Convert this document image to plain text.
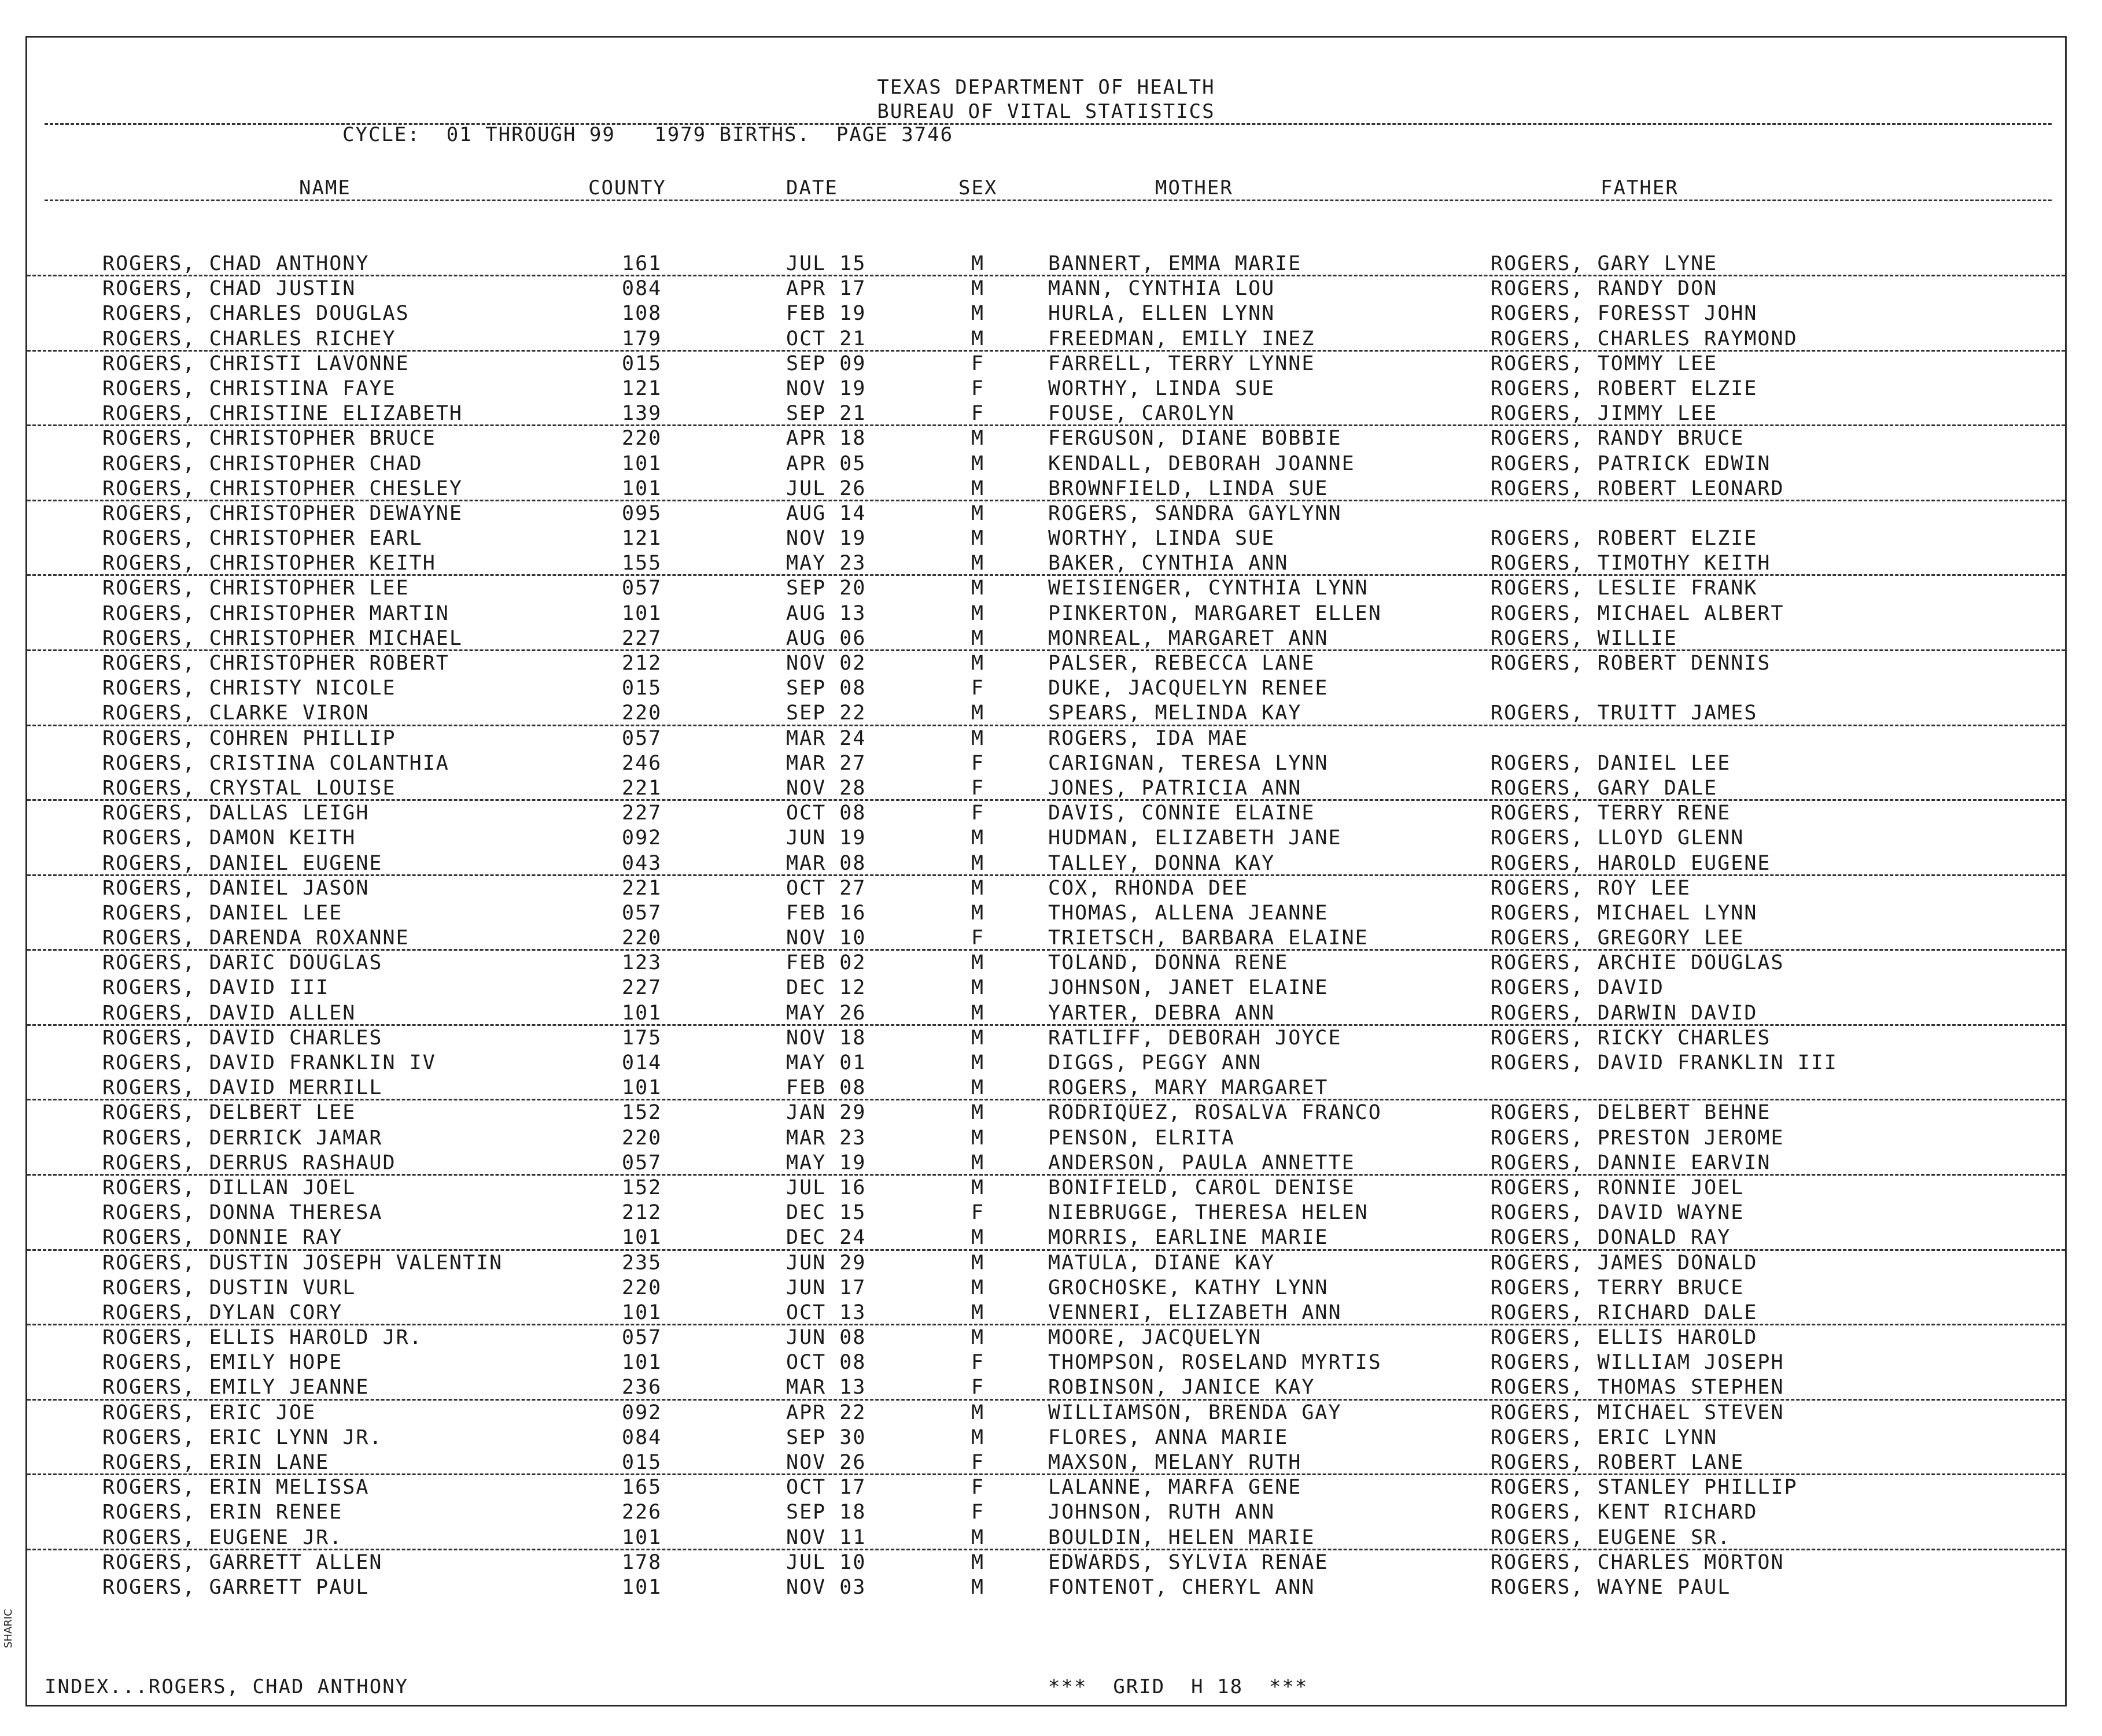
TEXAS DEPARTMENT OF HEALTH
BUREAU OF VITAL STATISTICS
CYCLE:  01 THROUGH 99   1979 BIRTHS.  PAGE 3746
NAME	COUNTY	DATE	SEX	MOTHER	FATHER
ROGERS, CHAD ANTHONY	161	JUL 15	M	BANNERT, EMMA MARIE	ROGERS, GARY LYNE
ROGERS, CHAD JUSTIN	084	APR 17	M	MANN, CYNTHIA LOU	ROGERS, RANDY DON
ROGERS, CHARLES DOUGLAS	108	FEB 19	M	HURLA, ELLEN LYNN	ROGERS, FORESST JOHN
ROGERS, CHARLES RICHEY	179	OCT 21	M	FREEDMAN, EMILY INEZ	ROGERS, CHARLES RAYMOND
ROGERS, CHRISTI LAVONNE	015	SEP 09	F	FARRELL, TERRY LYNNE	ROGERS, TOMMY LEE
ROGERS, CHRISTINA FAYE	121	NOV 19	F	WORTHY, LINDA SUE	ROGERS, ROBERT ELZIE
ROGERS, CHRISTINE ELIZABETH	139	SEP 21	F	FOUSE, CAROLYN	ROGERS, JIMMY LEE
ROGERS, CHRISTOPHER BRUCE	220	APR 18	M	FERGUSON, DIANE BOBBIE	ROGERS, RANDY BRUCE
ROGERS, CHRISTOPHER CHAD	101	APR 05	M	KENDALL, DEBORAH JOANNE	ROGERS, PATRICK EDWIN
ROGERS, CHRISTOPHER CHESLEY	101	JUL 26	M	BROWNFIELD, LINDA SUE	ROGERS, ROBERT LEONARD
ROGERS, CHRISTOPHER DEWAYNE	095	AUG 14	M	ROGERS, SANDRA GAYLYNN
ROGERS, CHRISTOPHER EARL	121	NOV 19	M	WORTHY, LINDA SUE	ROGERS, ROBERT ELZIE
ROGERS, CHRISTOPHER KEITH	155	MAY 23	M	BAKER, CYNTHIA ANN	ROGERS, TIMOTHY KEITH
ROGERS, CHRISTOPHER LEE	057	SEP 20	M	WEISIENGER, CYNTHIA LYNN	ROGERS, LESLIE FRANK
ROGERS, CHRISTOPHER MARTIN	101	AUG 13	M	PINKERTON, MARGARET ELLEN	ROGERS, MICHAEL ALBERT
ROGERS, CHRISTOPHER MICHAEL	227	AUG 06	M	MONREAL, MARGARET ANN	ROGERS, WILLIE
ROGERS, CHRISTOPHER ROBERT	212	NOV 02	M	PALSER, REBECCA LANE	ROGERS, ROBERT DENNIS
ROGERS, CHRISTY NICOLE	015	SEP 08	F	DUKE, JACQUELYN RENEE
ROGERS, CLARKE VIRON	220	SEP 22	M	SPEARS, MELINDA KAY	ROGERS, TRUITT JAMES
ROGERS, COHREN PHILLIP	057	MAR 24	M	ROGERS, IDA MAE
ROGERS, CRISTINA COLANTHIA	246	MAR 27	F	CARIGNAN, TERESA LYNN	ROGERS, DANIEL LEE
ROGERS, CRYSTAL LOUISE	221	NOV 28	F	JONES, PATRICIA ANN	ROGERS, GARY DALE
ROGERS, DALLAS LEIGH	227	OCT 08	F	DAVIS, CONNIE ELAINE	ROGERS, TERRY RENE
ROGERS, DAMON KEITH	092	JUN 19	M	HUDMAN, ELIZABETH JANE	ROGERS, LLOYD GLENN
ROGERS, DANIEL EUGENE	043	MAR 08	M	TALLEY, DONNA KAY	ROGERS, HAROLD EUGENE
ROGERS, DANIEL JASON	221	OCT 27	M	COX, RHONDA DEE	ROGERS, ROY LEE
ROGERS, DANIEL LEE	057	FEB 16	M	THOMAS, ALLENA JEANNE	ROGERS, MICHAEL LYNN
ROGERS, DARENDA ROXANNE	220	NOV 10	F	TRIETSCH, BARBARA ELAINE	ROGERS, GREGORY LEE
ROGERS, DARIC DOUGLAS	123	FEB 02	M	TOLAND, DONNA RENE	ROGERS, ARCHIE DOUGLAS
ROGERS, DAVID III	227	DEC 12	M	JOHNSON, JANET ELAINE	ROGERS, DAVID
ROGERS, DAVID ALLEN	101	MAY 26	M	YARTER, DEBRA ANN	ROGERS, DARWIN DAVID
ROGERS, DAVID CHARLES	175	NOV 18	M	RATLIFF, DEBORAH JOYCE	ROGERS, RICKY CHARLES
ROGERS, DAVID FRANKLIN IV	014	MAY 01	M	DIGGS, PEGGY ANN	ROGERS, DAVID FRANKLIN III
ROGERS, DAVID MERRILL	101	FEB 08	M	ROGERS, MARY MARGARET
ROGERS, DELBERT LEE	152	JAN 29	M	RODRIQUEZ, ROSALVA FRANCO	ROGERS, DELBERT BEHNE
ROGERS, DERRICK JAMAR	220	MAR 23	M	PENSON, ELRITA	ROGERS, PRESTON JEROME
ROGERS, DERRUS RASHAUD	057	MAY 19	M	ANDERSON, PAULA ANNETTE	ROGERS, DANNIE EARVIN
ROGERS, DILLAN JOEL	152	JUL 16	M	BONIFIELD, CAROL DENISE	ROGERS, RONNIE JOEL
ROGERS, DONNA THERESA	212	DEC 15	F	NIEBRUGGE, THERESA HELEN	ROGERS, DAVID WAYNE
ROGERS, DONNIE RAY	101	DEC 24	M	MORRIS, EARLINE MARIE	ROGERS, DONALD RAY
ROGERS, DUSTIN JOSEPH VALENTIN	235	JUN 29	M	MATULA, DIANE KAY	ROGERS, JAMES DONALD
ROGERS, DUSTIN VURL	220	JUN 17	M	GROCHOSKE, KATHY LYNN	ROGERS, TERRY BRUCE
ROGERS, DYLAN CORY	101	OCT 13	M	VENNERI, ELIZABETH ANN	ROGERS, RICHARD DALE
ROGERS, ELLIS HAROLD JR.	057	JUN 08	M	MOORE, JACQUELYN	ROGERS, ELLIS HAROLD
ROGERS, EMILY HOPE	101	OCT 08	F	THOMPSON, ROSELAND MYRTIS	ROGERS, WILLIAM JOSEPH
ROGERS, EMILY JEANNE	236	MAR 13	F	ROBINSON, JANICE KAY	ROGERS, THOMAS STEPHEN
ROGERS, ERIC JOE	092	APR 22	M	WILLIAMSON, BRENDA GAY	ROGERS, MICHAEL STEVEN
ROGERS, ERIC LYNN JR.	084	SEP 30	M	FLORES, ANNA MARIE	ROGERS, ERIC LYNN
ROGERS, ERIN LANE	015	NOV 26	F	MAXSON, MELANY RUTH	ROGERS, ROBERT LANE
ROGERS, ERIN MELISSA	165	OCT 17	F	LALANNE, MARFA GENE	ROGERS, STANLEY PHILLIP
ROGERS, ERIN RENEE	226	SEP 18	F	JOHNSON, RUTH ANN	ROGERS, KENT RICHARD
ROGERS, EUGENE JR.	101	NOV 11	M	BOULDIN, HELEN MARIE	ROGERS, EUGENE SR.
ROGERS, GARRETT ALLEN	178	JUL 10	M	EDWARDS, SYLVIA RENAE	ROGERS, CHARLES MORTON
ROGERS, GARRETT PAUL	101	NOV 03	M	FONTENOT, CHERYL ANN	ROGERS, WAYNE PAUL
INDEX...ROGERS, CHAD ANTHONY	***  GRID  H 18  ***
SHARIC
